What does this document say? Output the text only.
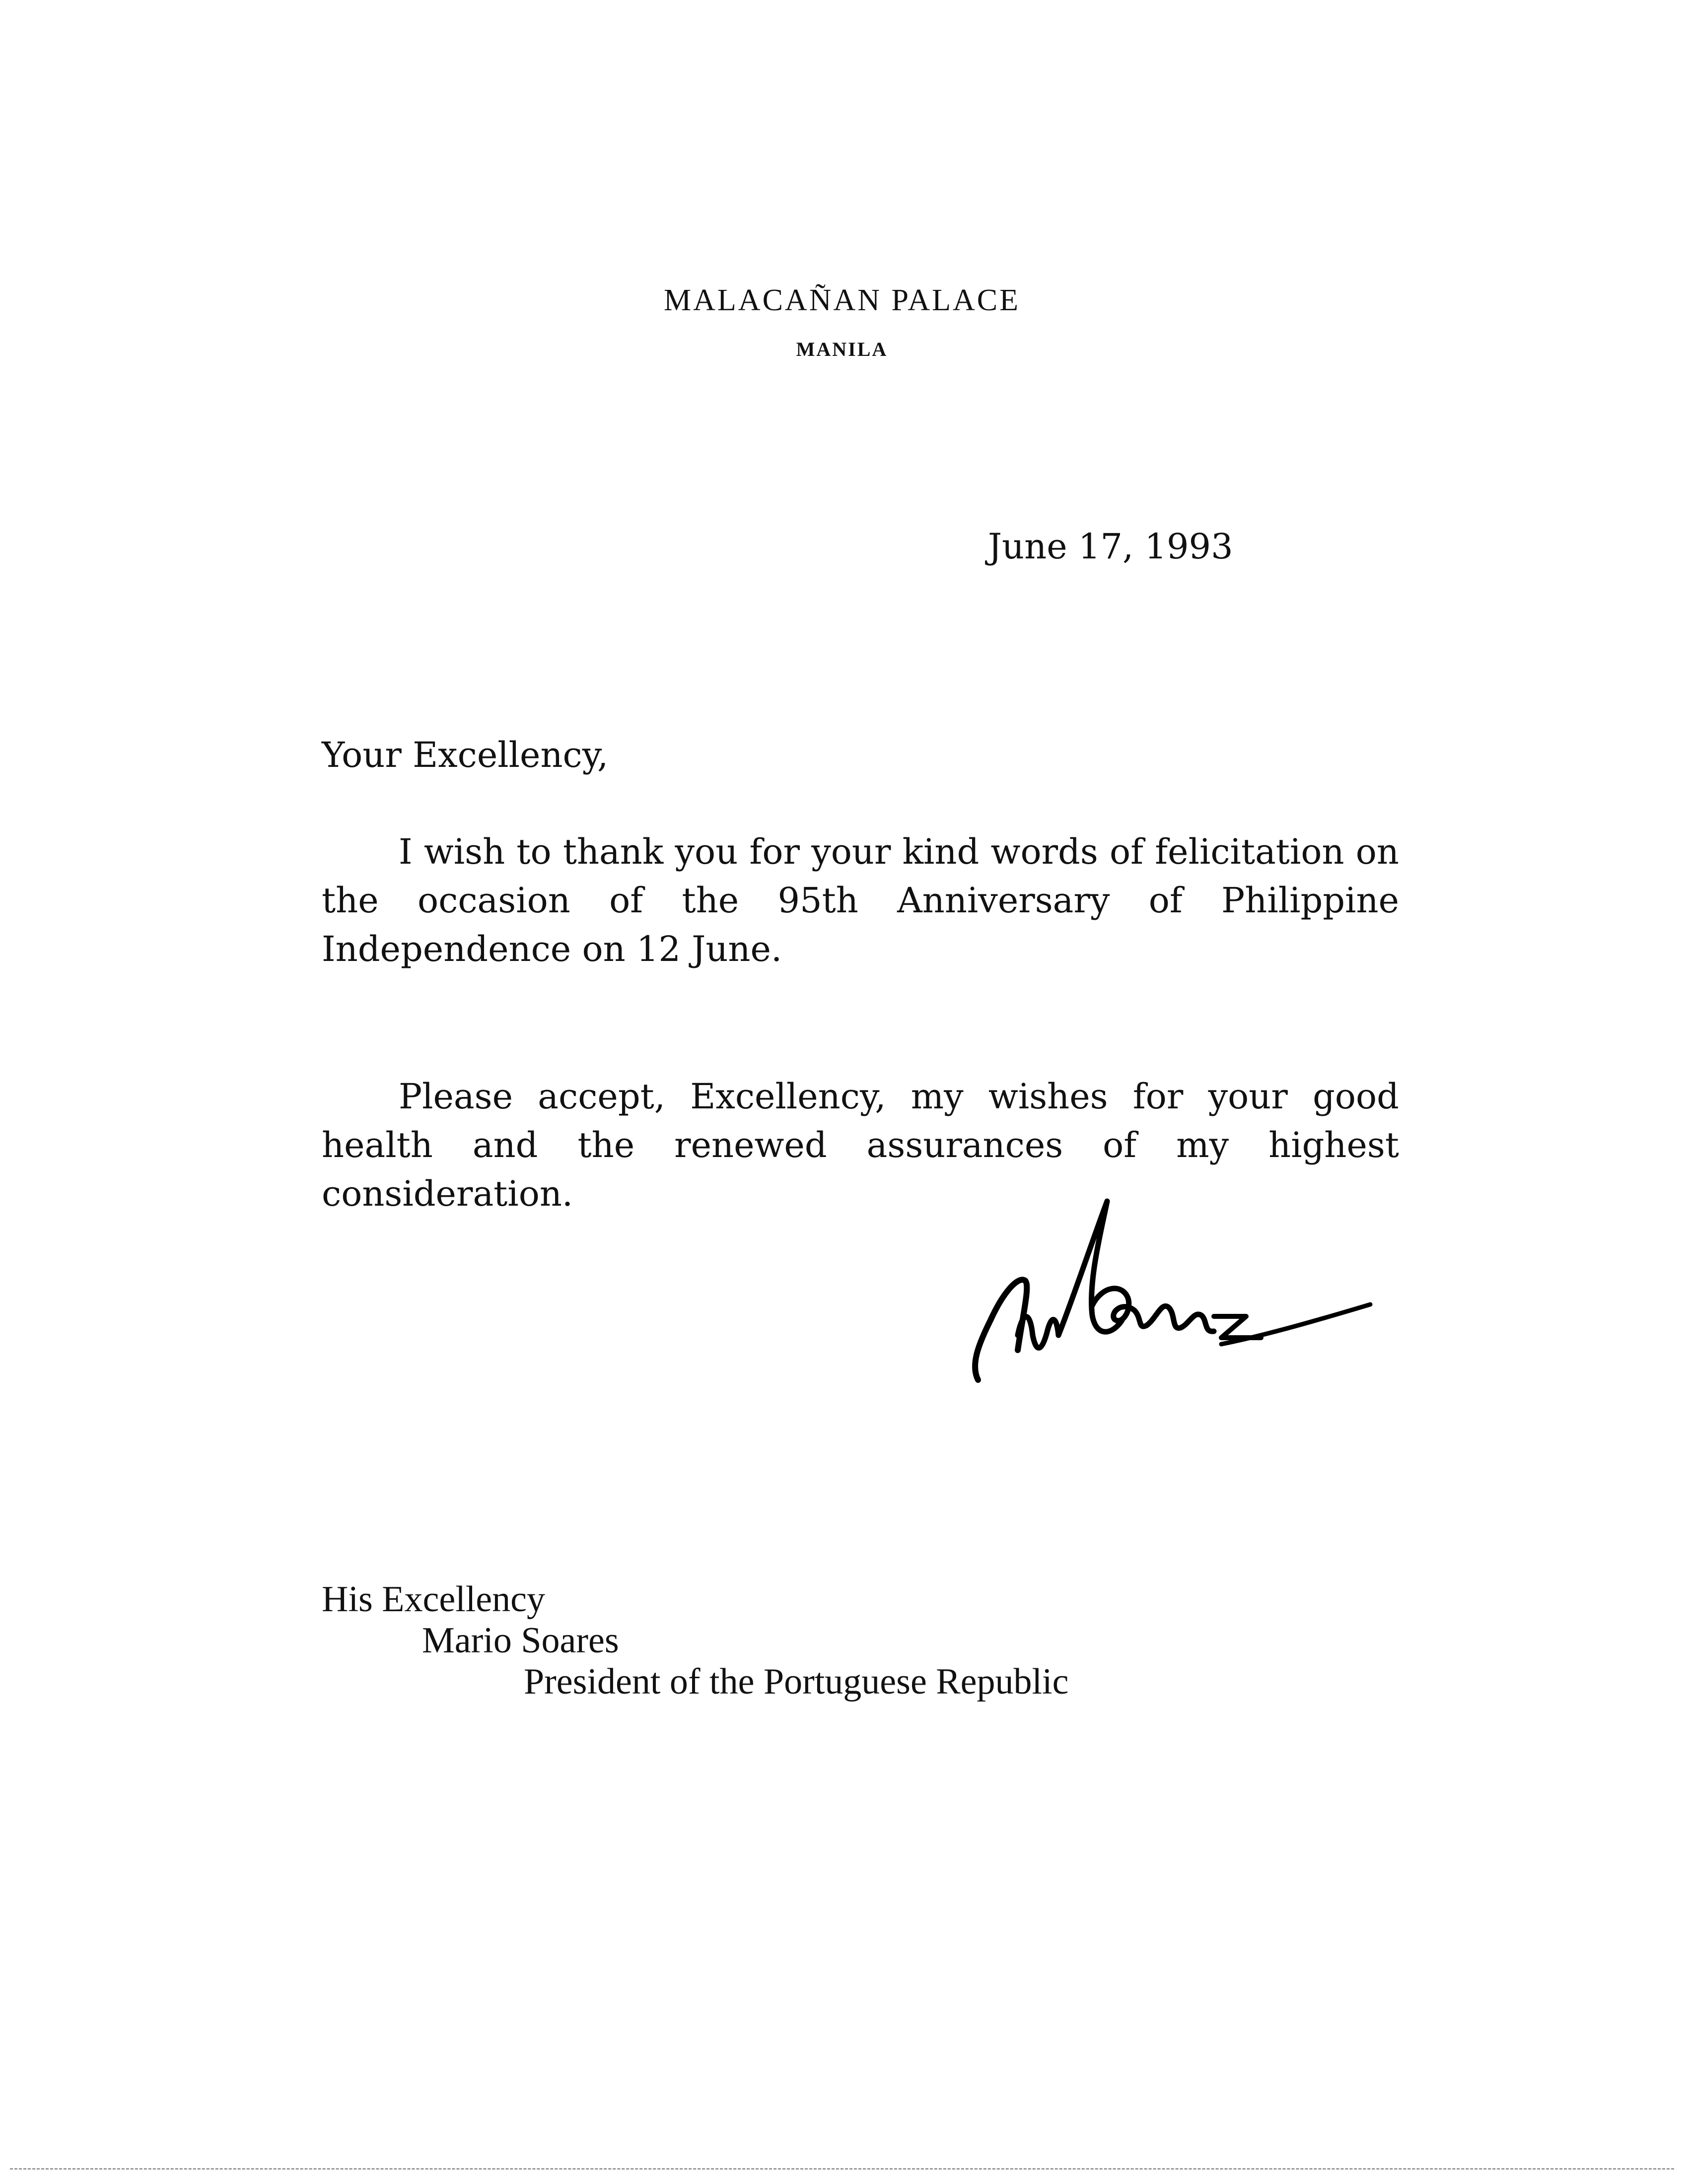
MALACAÑAN PALACE
MANILA
June 17, 1993
Your Excellency,
I wish to thank you for your kind words of felicitation on the occasion of the 95th Anniversary of Philippine Independence on 12 June.
Please accept, Excellency, my wishes for your good health and the renewed assurances of my highest consideration.
His Excellency
Mario Soares
President of the Portuguese Republic
